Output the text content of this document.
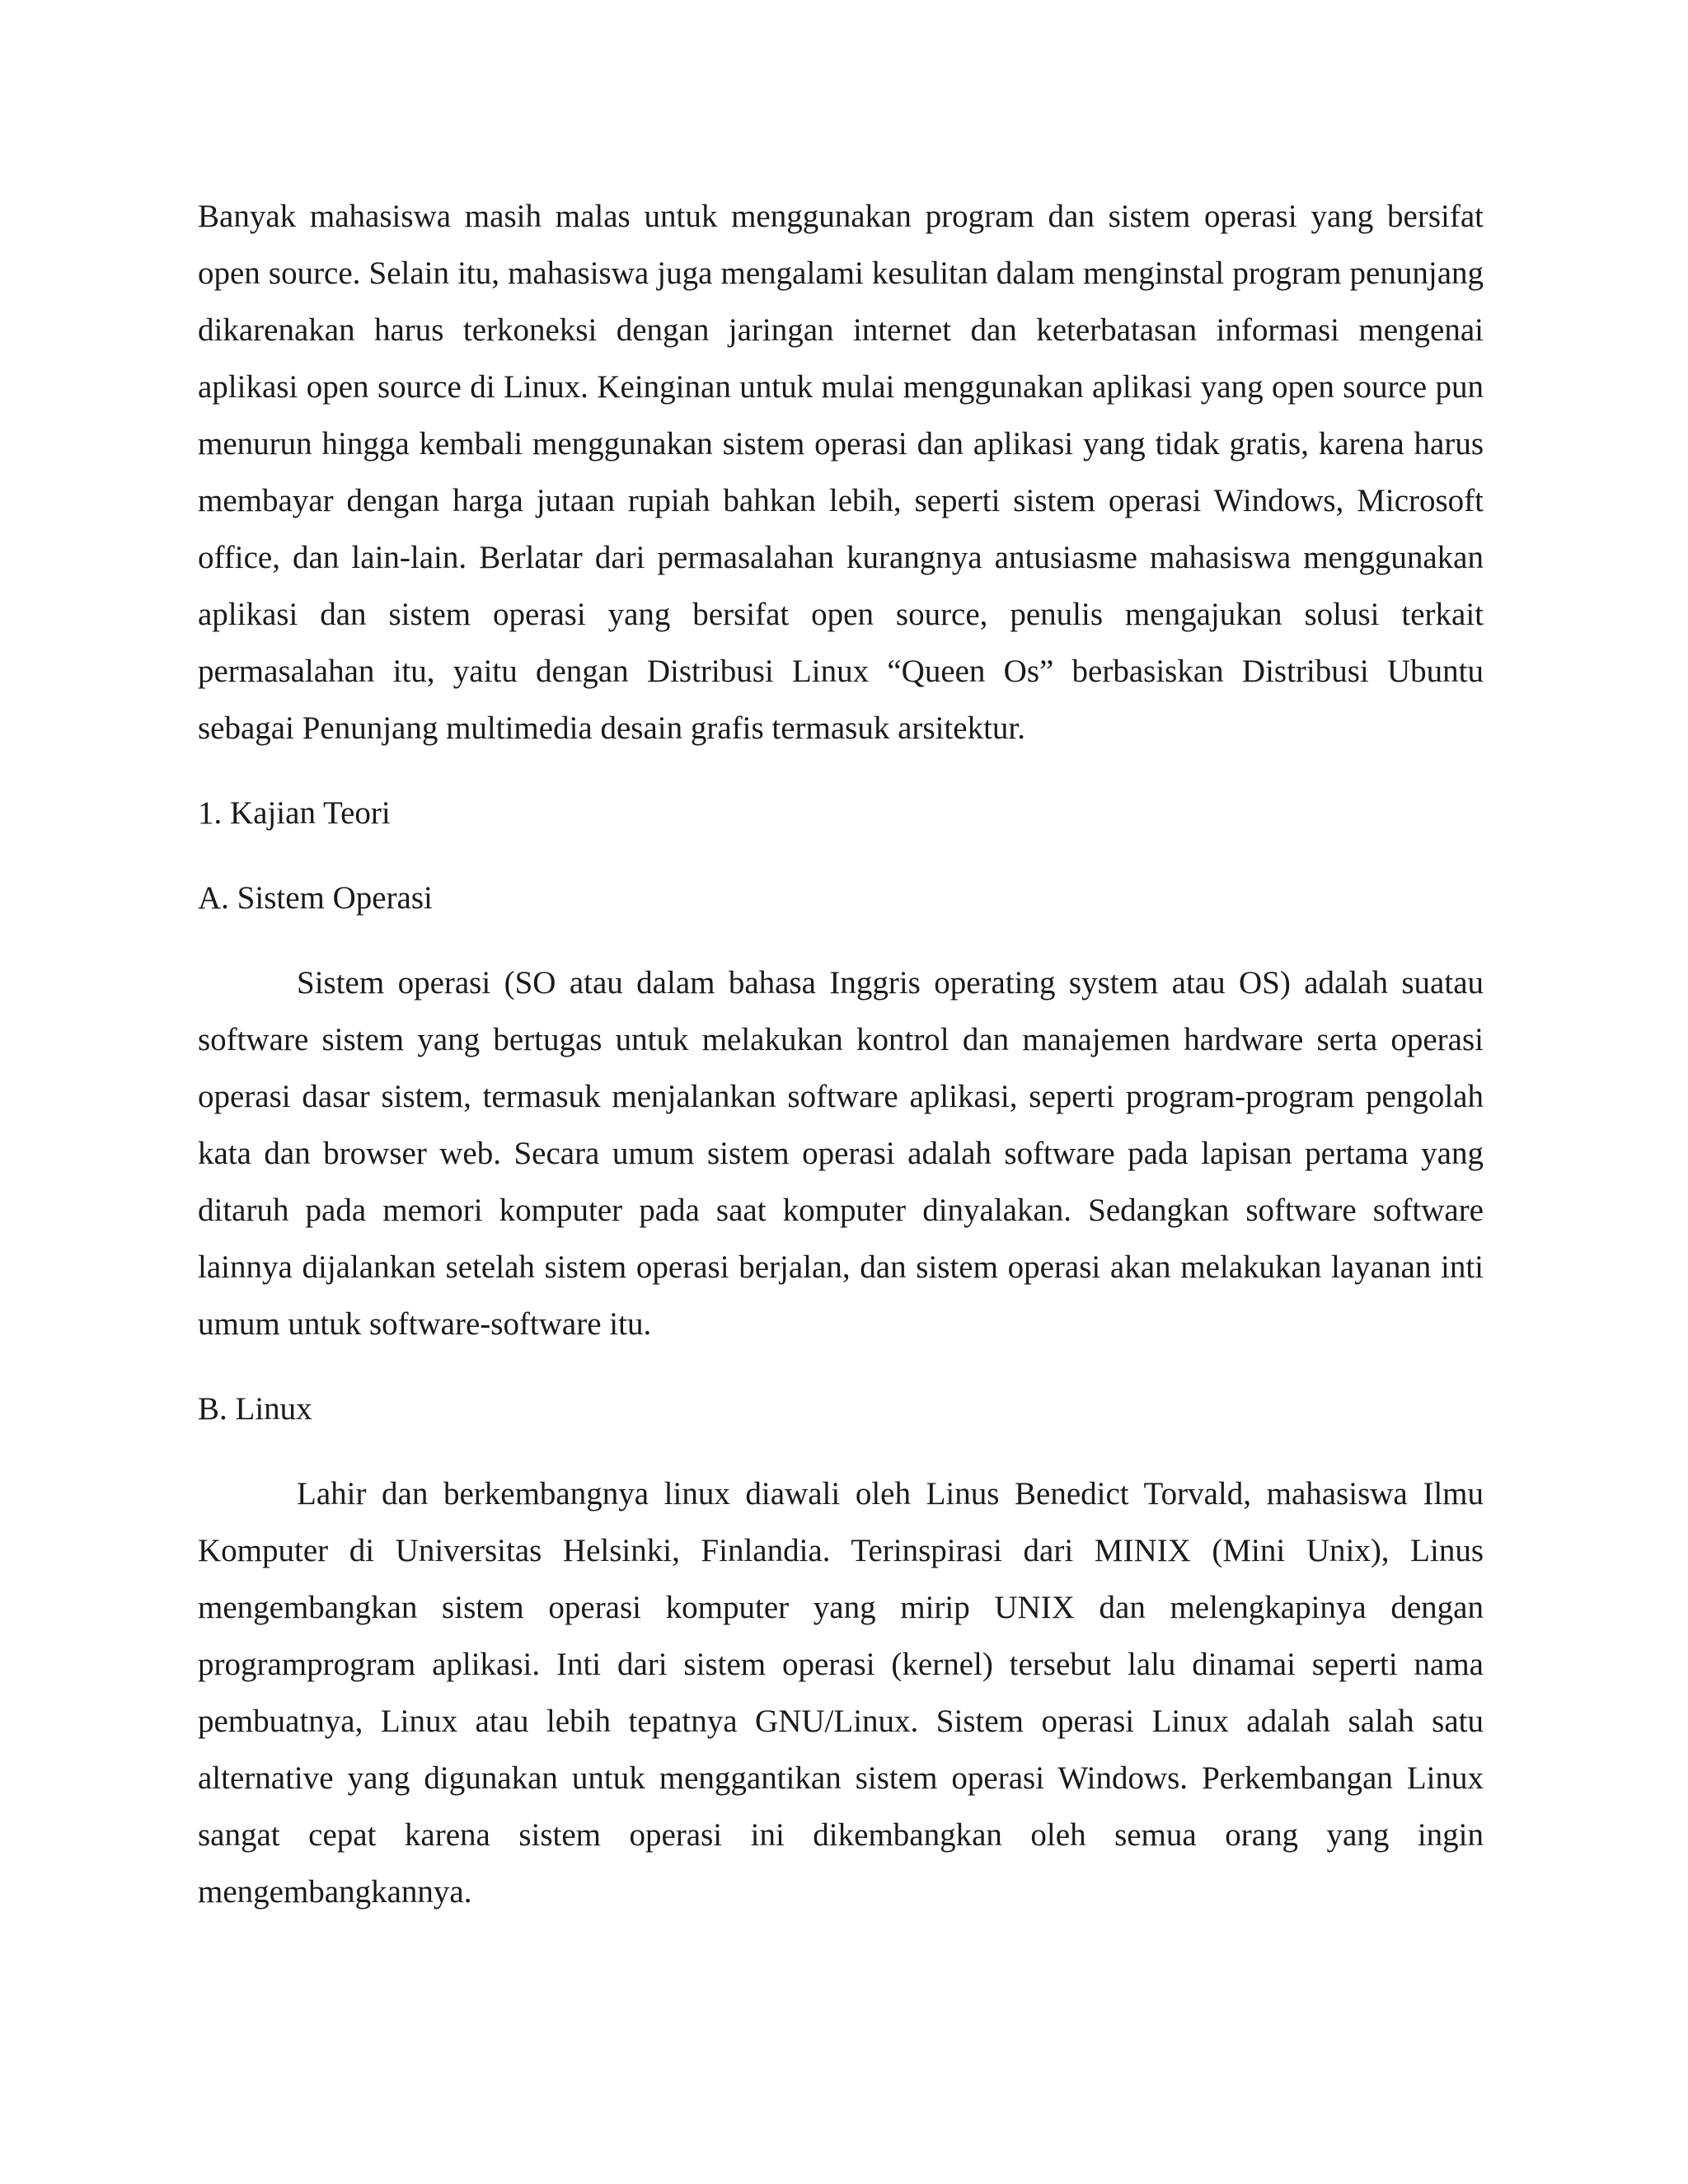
Banyak mahasiswa masih malas untuk menggunakan program dan sistem operasi yang bersifat open source. Selain itu, mahasiswa juga mengalami kesulitan dalam menginstal program penunjang dikarenakan harus terkoneksi dengan jaringan internet dan keterbatasan informasi mengenai aplikasi open source di Linux. Keinginan untuk mulai menggunakan aplikasi yang open source pun menurun hingga kembali menggunakan sistem operasi dan aplikasi yang tidak gratis, karena harus membayar dengan harga jutaan rupiah bahkan lebih, seperti sistem operasi Windows, Microsoft office, dan lain-lain. Berlatar dari permasalahan kurangnya antusiasme mahasiswa menggunakan aplikasi dan sistem operasi yang bersifat open source, penulis mengajukan solusi terkait permasalahan itu, yaitu dengan Distribusi Linux “Queen Os” berbasiskan Distribusi Ubuntu sebagai Penunjang multimedia desain grafis termasuk arsitektur.

1. Kajian Teori

A. Sistem Operasi

Sistem operasi (SO atau dalam bahasa Inggris operating system atau OS) adalah suatau software sistem yang bertugas untuk melakukan kontrol dan manajemen hardware serta operasi operasi dasar sistem, termasuk menjalankan software aplikasi, seperti program-program pengolah kata dan browser web. Secara umum sistem operasi adalah software pada lapisan pertama yang ditaruh pada memori komputer pada saat komputer dinyalakan. Sedangkan software software lainnya dijalankan setelah sistem operasi berjalan, dan sistem operasi akan melakukan layanan inti umum untuk software-software itu.

B. Linux

Lahir dan berkembangnya linux diawali oleh Linus Benedict Torvald, mahasiswa Ilmu Komputer di Universitas Helsinki, Finlandia. Terinspirasi dari MINIX (Mini Unix), Linus mengembangkan sistem operasi komputer yang mirip UNIX dan melengkapinya dengan programprogram aplikasi. Inti dari sistem operasi (kernel) tersebut lalu dinamai seperti nama pembuatnya, Linux atau lebih tepatnya GNU/Linux. Sistem operasi Linux adalah salah satu alternative yang digunakan untuk menggantikan sistem operasi Windows. Perkembangan Linux sangat cepat karena sistem operasi ini dikembangkan oleh semua orang yang ingin mengembangkannya.
